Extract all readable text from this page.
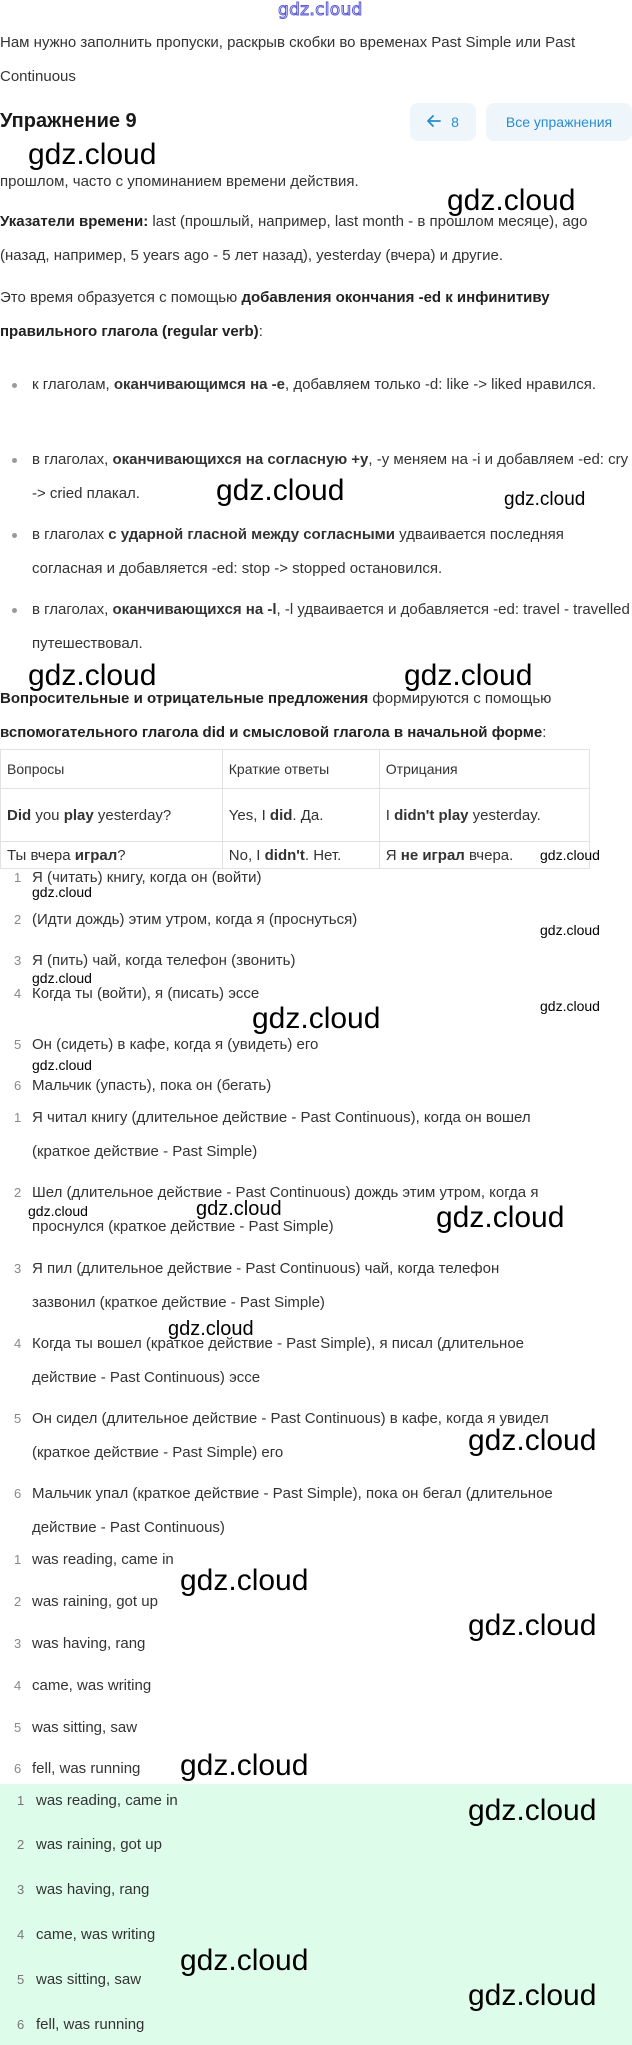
gdz.cloud
Нам нужно заполнить пропуски, раскрыв скобки во временах Past Simple или Past Continuous
Упражнение 9	8	Все упражнения
прошлом, часто с упоминанием времени действия.
Указатели времени: last (прошлый, например, last month - в прошлом месяце), ago (назад, например, 5 years ago - 5 лет назад), yesterday (вчера) и другие.
Это время образуется с помощью добавления окончания -ed к инфинитиву правильного глагола (regular verb):
к глаголам, оканчивающимся на -e, добавляем только -d: like -> liked нравился.
в глаголах, оканчивающихся на согласную +y, -y меняем на -i и добавляем -ed: cry -> cried плакал.
в глаголах с ударной гласной между согласными удваивается последняя согласная и добавляется -ed: stop -> stopped остановился.
в глаголах, оканчивающихся на -l, -l удваивается и добавляется -ed: travel - travelled путешествовал.
Вопросительные и отрицательные предложения формируются с помощью вспомогательного глагола did и смысловой глагола в начальной форме:
Вопросы	Краткие ответы	Отрицания
Did you play yesterday?	Yes, I did. Да.	I didn't play yesterday.
Ты вчера играл?	No, I didn't. Нет.	Я не играл вчера.
1 Я (читать) книгу, когда он (войти)
2 (Идти дождь) этим утром, когда я (проснуться)
3 Я (пить) чай, когда телефон (звонить)
4 Когда ты (войти), я (писать) эссе
5 Он (сидеть) в кафе, когда я (увидеть) его
6 Мальчик (упасть), пока он (бегать)
1 Я читал книгу (длительное действие - Past Continuous), когда он вошел
(краткое действие - Past Simple)
2 Шел (длительное действие - Past Continuous) дождь этим утром, когда я
проснулся (краткое действие - Past Simple)
3 Я пил (длительное действие - Past Continuous) чай, когда телефон
зазвонил (краткое действие - Past Simple)
4 Когда ты вошел (краткое действие - Past Simple), я писал (длительное
действие - Past Continuous) эссе
5 Он сидел (длительное действие - Past Continuous) в кафе, когда я увидел
(краткое действие - Past Simple) его
6 Мальчик упал (краткое действие - Past Simple), пока он бегал (длительное
действие - Past Continuous)
1 was reading, came in
2 was raining, got up
3 was having, rang
4 came, was writing
5 was sitting, saw
6 fell, was running
1 was reading, came in
2 was raining, got up
3 was having, rang
4 came, was writing
5 was sitting, saw
6 fell, was running
gdz.cloud
gdz.cloud
gdz.cloud	gdz.cloud
gdz.cloud	gdz.cloud
gdz.cloud
gdz.cloud
gdz.cloud
gdz.cloud
gdz.cloud
gdz.cloud
gdz.cloud
gdz.cloud	gdz.cloud	gdz.cloud
gdz.cloud
gdz.cloud
gdz.cloud
gdz.cloud
gdz.cloud
gdz.cloud
gdz.cloud
gdz.cloud
